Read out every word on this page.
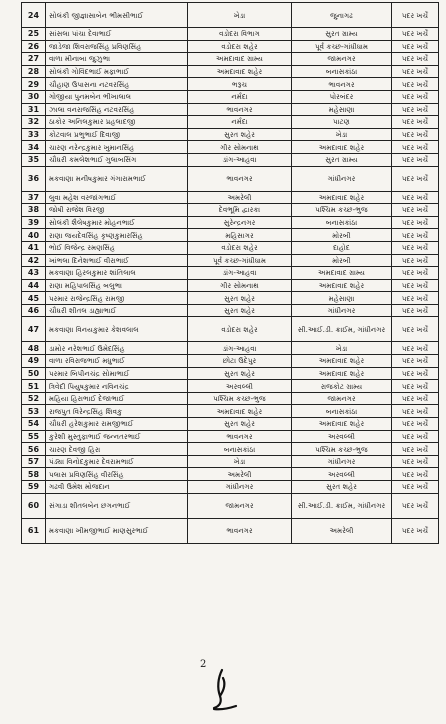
24	સોલંકી જીજ્ઞાસાબેન ભીમસીભાઈ	ખેડા	જુનાગઢ	પદર ખર્ચે
25	સાંસલા પાંચા દેવાભાઈ	વડોદરા વિભાગ	સુરત ગ્રામ્ય	પદર ખર્ચે
26	જાડેજા શિવરાજસિંહ પ્રવિણસિંહ	વડોદરા શહેર	પૂર્વ કચ્છ-ગાંધીધામ	પદર ખર્ચે
27	વાળા મીનાબા જુઝુભા	અમદાવાદ ગ્રામ્ય	જામનગર	પદર ખર્ચે
28	સોલંકી ગોવિંદભાઈ મફાભાઈ	અમદાવાદ શહેર	બનાસકાંઠા	પદર ખર્ચે
29	ચૌહાણ ઉપાસના નટવરસિંહ	ભરૂચ	ભાવનગર	પદર ખર્ચે
30	ગોજીયા પુનમબેન ભીખાલાલ	નર્મદા	પોરબંદર	પદર ખર્ચે
31	ઝાલા વનરાજસિંહ નટવરસિંહ	ભાવનગર	મહેસાણા	પદર ખર્ચે
32	ઠાકોર અનિલકુમાર પ્રહલાદજી	નર્મદા	પાટણ	પદર ખર્ચે
33	કોટવાલ પ્રભુભાઈ દિવાજી	સુરત શહેર	ખેડા	પદર ખર્ચે
34	ચારણ નરેન્દ્રકુમાર ખુમાનસિંહ	ગીર સોમનાથ	અમદાવાદ શહેર	પદર ખર્ચે
35	ચૌધરી કમલેશભાઈ ગુલાબસિંગ	ડાંગ-આહવા	સુરત ગ્રામ્ય	પદર ખર્ચે
36	મકવાણા મનીષકુમાર ગંગારામભાઈ	ભાવનગર	ગાંધીનગર	પદર ખર્ચે
37	લુવા મહેશ વરજાંગભાઈ	અમરેલી	અમદાવાદ શહેર	પદર ખર્ચે
38	જોષી રાજેશ વિરજી	દેવભૂમિ દ્વારકા	પશ્ચિમ કચ્છ-ભુજ	પદર ખર્ચે
39	સોલંકી શૈલેષકુમાર મોહનભાઈ	સુરેન્દ્રનગર	બનાસકાંઠા	પદર ખર્ચે
40	રાણા જયદેવસિંહ કૃષ્ણકુમારસિંહ	મહિસાગર	મોરબી	પદર ખર્ચે
41	ભોઈ વિજેન્દ્ર રમણસિંહ	વડોદરા શહેર	દાહોદ	પદર ખર્ચે
42	ખાંભલા દિનેશભાઈ વીરાભાઈ	પૂર્વ કચ્છ-ગાંધીધામ	મોરબી	પદર ખર્ચે
43	મકવાણા હિરલકુમાર શાંતિલાલ	ડાંગ-આહવા	અમદાવાદ ગ્રામ્ય	પદર ખર્ચે
44	રાણા મહિપાલસિંહ બલુભા	ગીર સોમનાથ	અમદાવાદ શહેર	પદર ખર્ચે
45	પરમાર રાજેન્દ્રસિંહ રામજી	સુરત શહેર	મહેસાણા	પદર ખર્ચે
46	ચૌધરી શીતલ ડાહ્યાભાઈ	સુરત શહેર	ગાંધીનગર	પદર ખર્ચે
47	મકવાણા વિનયકુમાર કેશવલાલ	વડોદરા શહેર	સી.આઈ.ડી. ક્રાઈમ, ગાંધીનગર	પદર ખર્ચે
48	ડામોર નરેશભાઈ ઉમેદસિંહ	ડાંગ-આહવા	ખેડા	પદર ખર્ચે
49	વાળા રવિરાજભાઈ મધુભાઈ	છોટા ઉદેપુર	અમદાવાદ શહેર	પદર ખર્ચે
50	પરમાર બિપીનચંદ્ર સોમાભાઈ	સુરત શહેર	અમદાવાદ શહેર	પદર ખર્ચે
51	ત્રિવેદી પિયુષકુમાર નવિનચંદ્ર	અરવલ્લી	રાજકોટ ગ્રામ્ય	પદર ખર્ચે
52	મહિયા હિરાભાઈ દેજાભાઈ	પશ્ચિમ કચ્છ-ભુજ	જામનગર	પદર ખર્ચે
53	રાજપુત વિરેન્દ્રસિંહ શિવકુ	અમદાવાદ શહેર	બનાસકાંઠા	પદર ખર્ચે
54	ચૌધરી હરેશકુમાર રામજીભાઈ	સુરત શહેર	અમદાવાદ શહેર	પદર ખર્ચે
55	કુરેશી મુસ્તુફાભાઈ જન્નતરભાઈ	ભાવનગર	અરવલ્લી	પદર ખર્ચે
56	ચારણ દેવજી હિરા	બનાસકાંઠા	પશ્ચિમ કચ્છ-ભુજ	પદર ખર્ચે
57	પંડ્યા વિનોદકુમાર દેવરામભાઈ	ખેડા	ગાંધીનગર	પદર ખર્ચે
58	પલાસ પ્રવિણસિંહ વીરસિંહ	અમરેલી	અરવલ્લી	પદર ખર્ચે
59	ગઢવી ઉમેશ મોજદાન	ગાંધીનગર	સુરત શહેર	પદર ખર્ચે
60	સંગાડા શીતલબેન છગનભાઈ	જામનગર	સી.આઈ.ડી. ક્રાઈમ, ગાંધીનગર	પદર ખર્ચે
61	મકવાણા ખીમજીભાઈ માણસુરભાઈ	ભાવનગર	અમરેલી	પદર ખર્ચે
2
